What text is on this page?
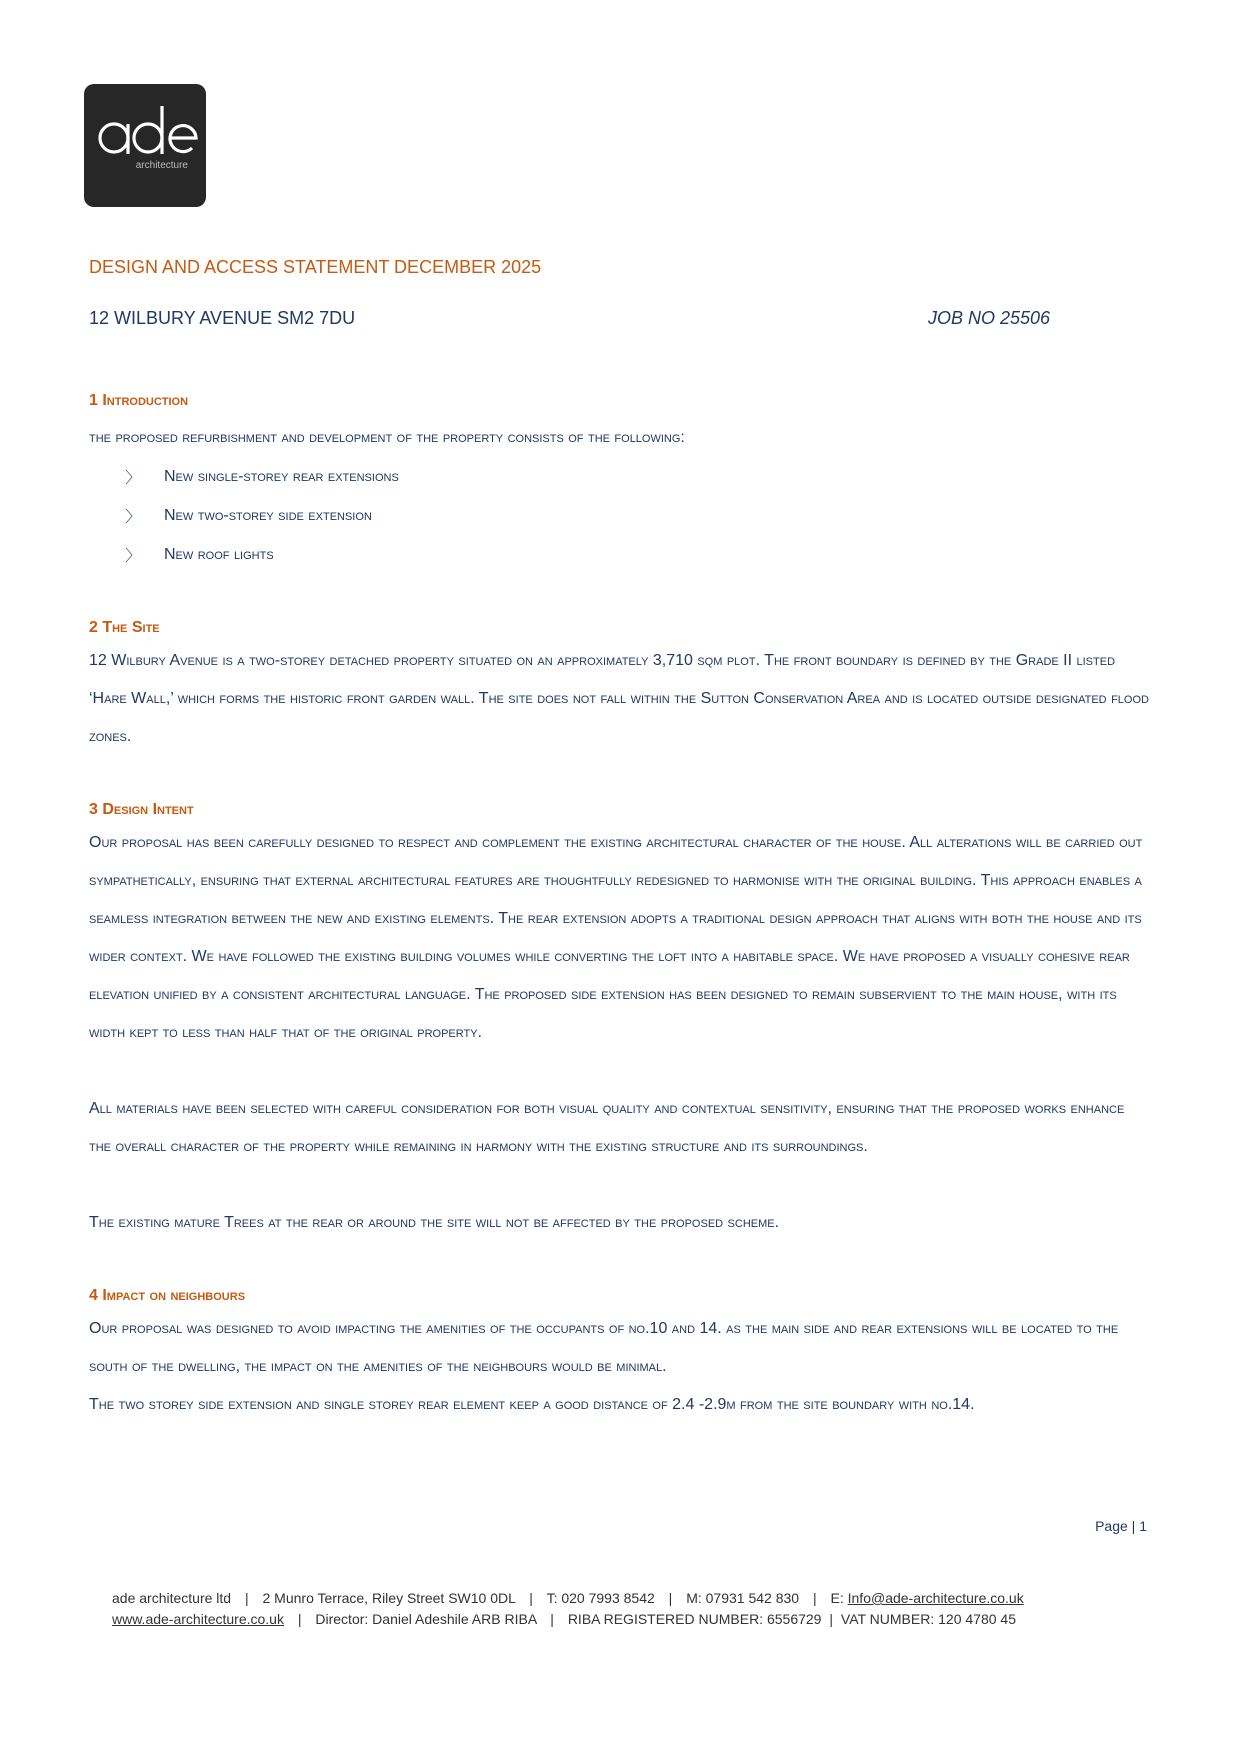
architecture
DESIGN AND ACCESS STATEMENT DECEMBER 2025
12 WILBURY AVENUE SM2 7DU	JOB NO 25506
1 Introduction

the proposed refurbishment and development of the property consists of the following:

〉	New single-storey rear extensions
〉	New two-storey side extension
〉	New roof lights
2 The Site

12 Wilbury Avenue is a two-storey detached property situated on an approximately 3,710 sqm plot. The front boundary is defined by the Grade II listed ‘Hare Wall,’ which forms the historic front garden wall. The site does not fall within the Sutton Conservation Area and is located outside designated flood zones.

3 Design Intent

Our proposal has been carefully designed to respect and complement the existing architectural character of the house. All alterations will be carried out sympathetically, ensuring that external architectural features are thoughtfully redesigned to harmonise with the original building. This approach enables a seamless integration between the new and existing elements. The rear extension adopts a traditional design approach that aligns with both the house and its wider context. We have followed the existing building volumes while converting the loft into a habitable space. We have proposed a visually cohesive rear elevation unified by a consistent architectural language. The proposed side extension has been designed to remain subservient to the main house, with its width kept to less than half that of the original property.

All materials have been selected with careful consideration for both visual quality and contextual sensitivity, ensuring that the proposed works enhance the overall character of the property while remaining in harmony with the existing structure and its surroundings.

The existing mature Trees at the rear or around the site will not be affected by the proposed scheme.

4 Impact on neighbours

Our proposal was designed to avoid impacting the amenities of the occupants of no.10 and 14. as the main side and rear extensions will be located to the south of the dwelling, the impact on the amenities of the neighbours would be minimal.

The two storey side extension and single storey rear element keep a good distance of 2.4 -2.9m from the site boundary with no.14.

Page | 1
ade architecture ltd | 2 Munro Terrace, Riley Street SW10 0DL | T: 020 7993 8542 | M: 07931 542 830 | E: Info@ade-architecture.co.uk
www.ade-architecture.co.uk | Director: Daniel Adeshile ARB RIBA | RIBA REGISTERED NUMBER: 6556729 | VAT NUMBER: 120 4780 45
